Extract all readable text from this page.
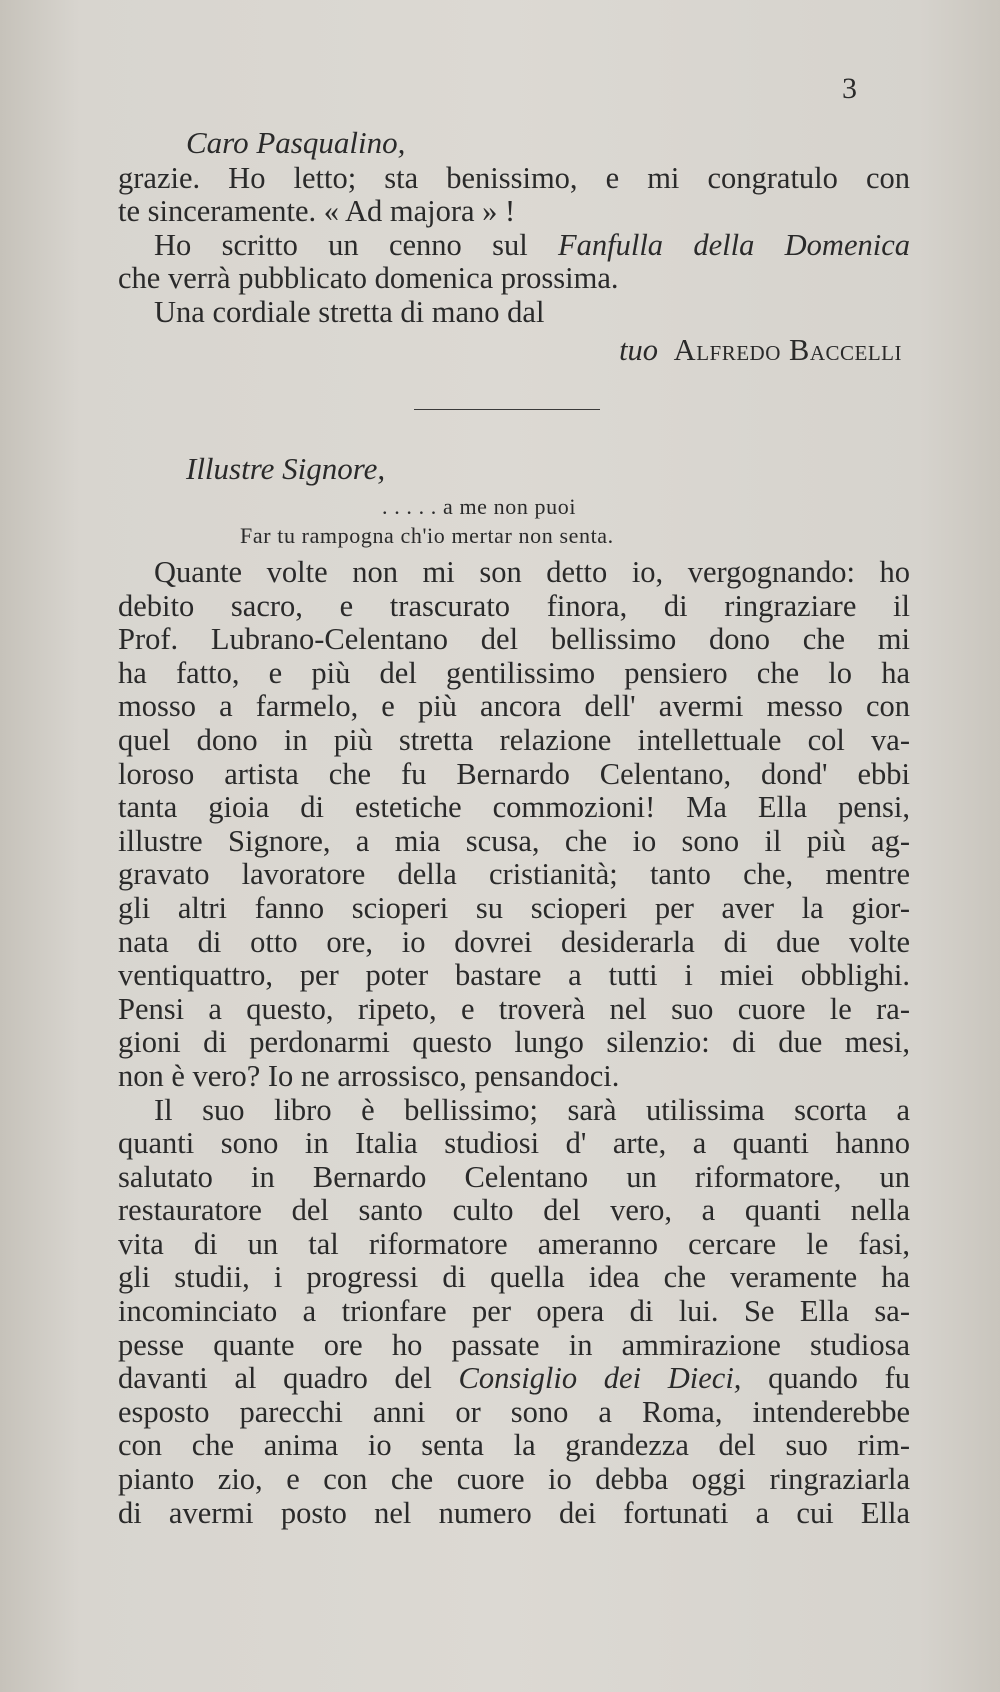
3
Caro Pasqualino,
grazie. Ho letto; sta benissimo, e mi congratulo con
te sinceramente. « Ad majora » !
Ho scritto un cenno sul Fanfulla della Domenica
che verrà pubblicato domenica prossima.
Una cordiale stretta di mano dal
tuo Alfredo Baccelli
Illustre Signore,
. . . . . a me non puoi
Far tu rampogna ch'io mertar non senta.
Quante volte non mi son detto io, vergognando: ho
debito sacro, e trascurato finora, di ringraziare il
Prof. Lubrano-Celentano del bellissimo dono che mi
ha fatto, e più del gentilissimo pensiero che lo ha
mosso a farmelo, e più ancora dell' avermi messo con
quel dono in più stretta relazione intellettuale col va-
loroso artista che fu Bernardo Celentano, dond' ebbi
tanta gioia di estetiche commozioni! Ma Ella pensi,
illustre Signore, a mia scusa, che io sono il più ag-
gravato lavoratore della cristianità; tanto che, mentre
gli altri fanno scioperi su scioperi per aver la gior-
nata di otto ore, io dovrei desiderarla di due volte
ventiquattro, per poter bastare a tutti i miei obblighi.
Pensi a questo, ripeto, e troverà nel suo cuore le ra-
gioni di perdonarmi questo lungo silenzio: di due mesi,
non è vero? Io ne arrossisco, pensandoci.
Il suo libro è bellissimo; sarà utilissima scorta a
quanti sono in Italia studiosi d' arte, a quanti hanno
salutato in Bernardo Celentano un riformatore, un
restauratore del santo culto del vero, a quanti nella
vita di un tal riformatore ameranno cercare le fasi,
gli studii, i progressi di quella idea che veramente ha
incominciato a trionfare per opera di lui. Se Ella sa-
pesse quante ore ho passate in ammirazione studiosa
davanti al quadro del Consiglio dei Dieci, quando fu
esposto parecchi anni or sono a Roma, intenderebbe
con che anima io senta la grandezza del suo rim-
pianto zio, e con che cuore io debba oggi ringraziarla
di avermi posto nel numero dei fortunati a cui Ella
